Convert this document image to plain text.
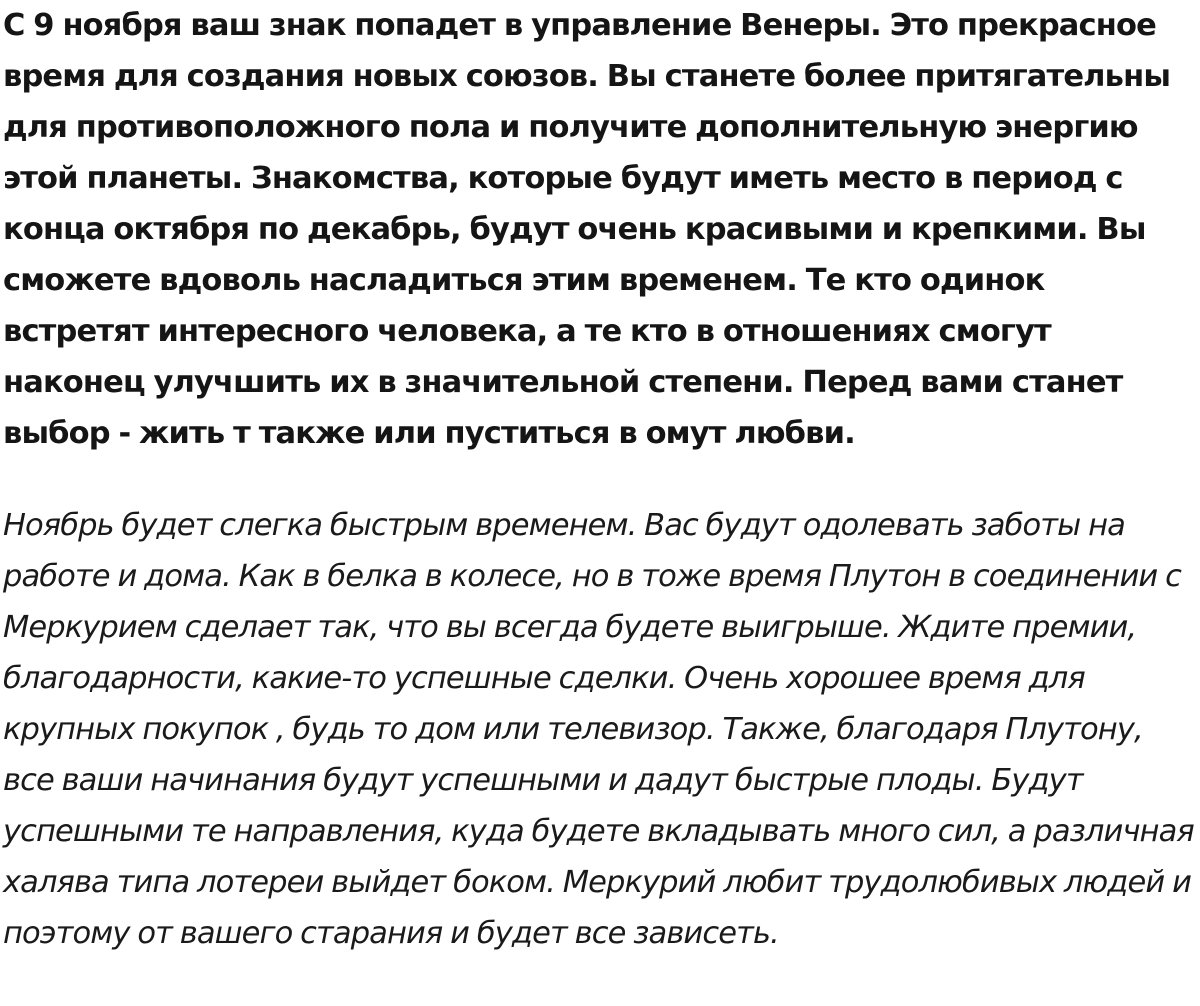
С 9 ноября ваш знак попадет в управление Венеры. Это прекрасное время для создания новых союзов. Вы станете более притягательны для противоположного пола и получите дополнительную энергию этой планеты. Знакомства, которые будут иметь место в период с конца октября по декабрь, будут очень красивыми и крепкими. Вы сможете вдоволь насладиться этим временем. Те кто одинок встретят интересного человека, а те кто в отношениях смогут наконец улучшить их в значительной степени. Перед вами станет выбор - жить т также или пуститься в омут любви.

Ноябрь будет слегка быстрым временем. Вас будут одолевать заботы на работе и дома. Как в белка в колесе, но в тоже время Плутон в соединении с Меркурием сделает так, что вы всегда будете выигрыше. Ждите премии, благодарности, какие-то успешные сделки. Очень хорошее время для крупных покупок , будь то дом или телевизор. Также, благодаря Плутону, все ваши начинания будут успешными и дадут быстрые плоды. Будут успешными те направления, куда будете вкладывать много сил, а различная халява типа лотереи выйдет боком. Меркурий любит трудолюбивых людей и поэтому от вашего старания и будет все зависеть.
